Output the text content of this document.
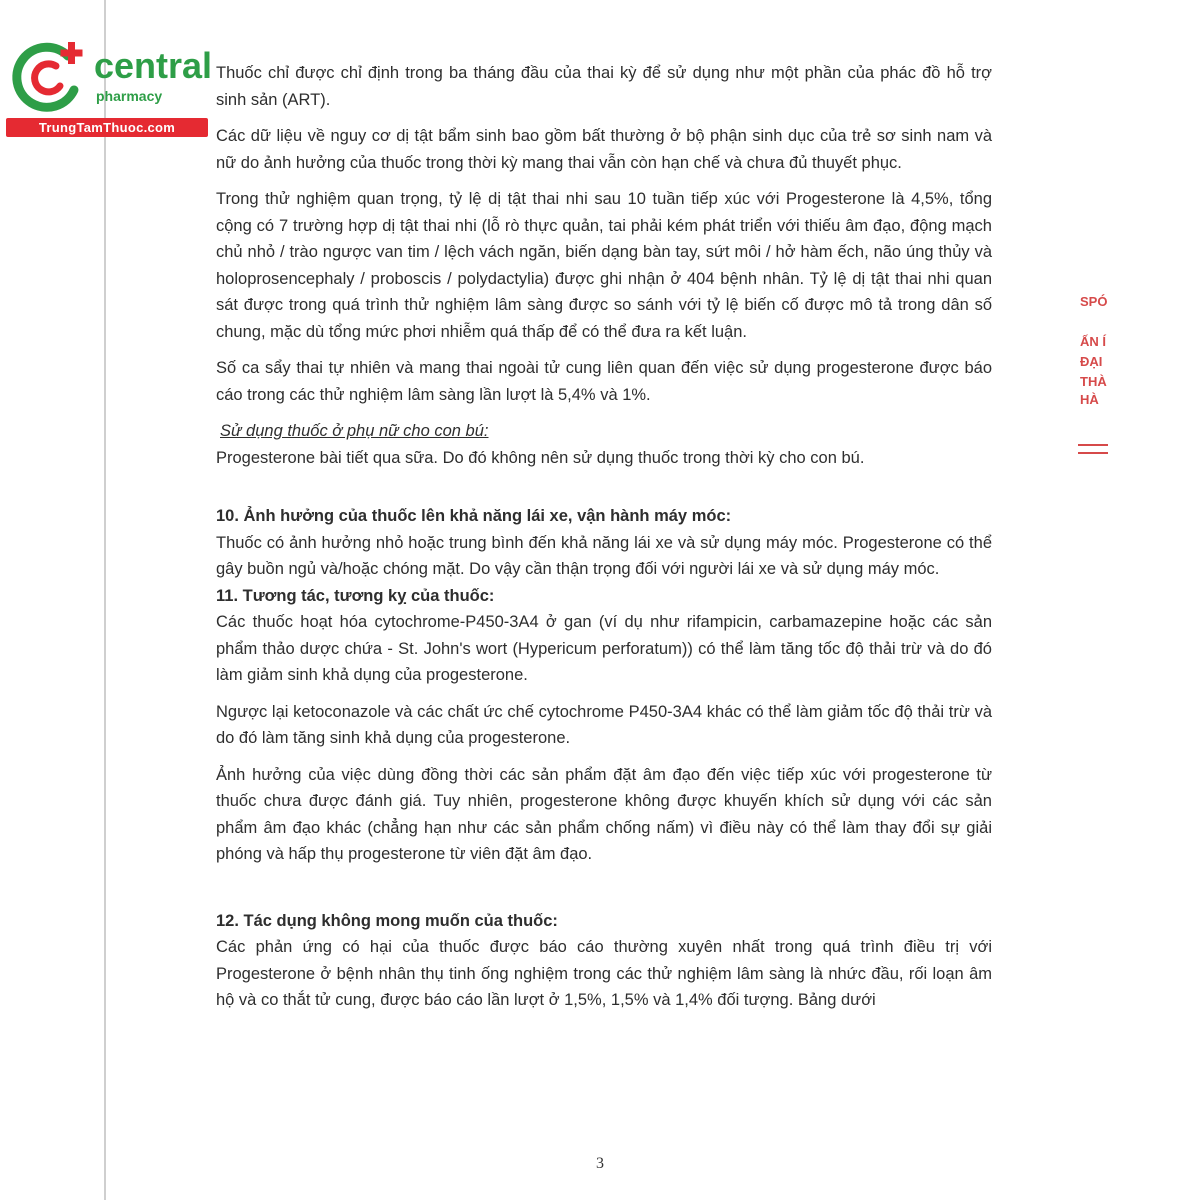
central
pharmacy
TrungTamThuoc.com
SPÓ
ẤN Í
ĐẠI
THÀ
HÀ

Thuốc chỉ được chỉ định trong ba tháng đầu của thai kỳ để sử dụng như một phần của phác đồ hỗ trợ sinh sản (ART).

Các dữ liệu về nguy cơ dị tật bẩm sinh bao gồm bất thường ở bộ phận sinh dục của trẻ sơ sinh nam và nữ do ảnh hưởng của thuốc trong thời kỳ mang thai vẫn còn hạn chế và chưa đủ thuyết phục.

Trong thử nghiệm quan trọng, tỷ lệ dị tật thai nhi sau 10 tuần tiếp xúc với Progesterone là 4,5%, tổng cộng có 7 trường hợp dị tật thai nhi (lỗ rò thực quản, tai phải kém phát triển với thiếu âm đạo, động mạch chủ nhỏ / trào ngược van tim / lệch vách ngăn, biến dạng bàn tay, sứt môi / hở hàm ếch, não úng thủy và holoprosencephaly / proboscis / polydactylia) được ghi nhận ở 404 bệnh nhân. Tỷ lệ dị tật thai nhi quan sát được trong quá trình thử nghiệm lâm sàng được so sánh với tỷ lệ biến cố được mô tả trong dân số chung, mặc dù tổng mức phơi nhiễm quá thấp để có thể đưa ra kết luận.

Số ca sẩy thai tự nhiên và mang thai ngoài tử cung liên quan đến việc sử dụng progesterone được báo cáo trong các thử nghiệm lâm sàng lần lượt là 5,4% và 1%.

Sử dụng thuốc ở phụ nữ cho con bú:

Progesterone bài tiết qua sữa. Do đó không nên sử dụng thuốc trong thời kỳ cho con bú.

10. Ảnh hưởng của thuốc lên khả năng lái xe, vận hành máy móc:

Thuốc có ảnh hưởng nhỏ hoặc trung bình đến khả năng lái xe và sử dụng máy móc. Progesterone có thể gây buồn ngủ và/hoặc chóng mặt. Do vậy cần thận trọng đối với người lái xe và sử dụng máy móc.

11. Tương tác, tương kỵ của thuốc:

Các thuốc hoạt hóa cytochrome-P450-3A4 ở gan (ví dụ như rifampicin, carbamazepine hoặc các sản phẩm thảo dược chứa - St. John's wort (Hypericum perforatum)) có thể làm tăng tốc độ thải trừ và do đó làm giảm sinh khả dụng của progesterone.

Ngược lại ketoconazole và các chất ức chế cytochrome P450-3A4 khác có thể làm giảm tốc độ thải trừ và do đó làm tăng sinh khả dụng của progesterone.

Ảnh hưởng của việc dùng đồng thời các sản phẩm đặt âm đạo đến việc tiếp xúc với progesterone từ thuốc chưa được đánh giá. Tuy nhiên, progesterone không được khuyến khích sử dụng với các sản phẩm âm đạo khác (chẳng hạn như các sản phẩm chống nấm) vì điều này có thể làm thay đổi sự giải phóng và hấp thụ progesterone từ viên đặt âm đạo.

12. Tác dụng không mong muốn của thuốc:

Các phản ứng có hại của thuốc được báo cáo thường xuyên nhất trong quá trình điều trị với Progesterone ở bệnh nhân thụ tinh ống nghiệm trong các thử nghiệm lâm sàng là nhức đầu, rối loạn âm hộ và co thắt tử cung, được báo cáo lần lượt ở 1,5%, 1,5% và 1,4% đối tượng. Bảng dưới

3
